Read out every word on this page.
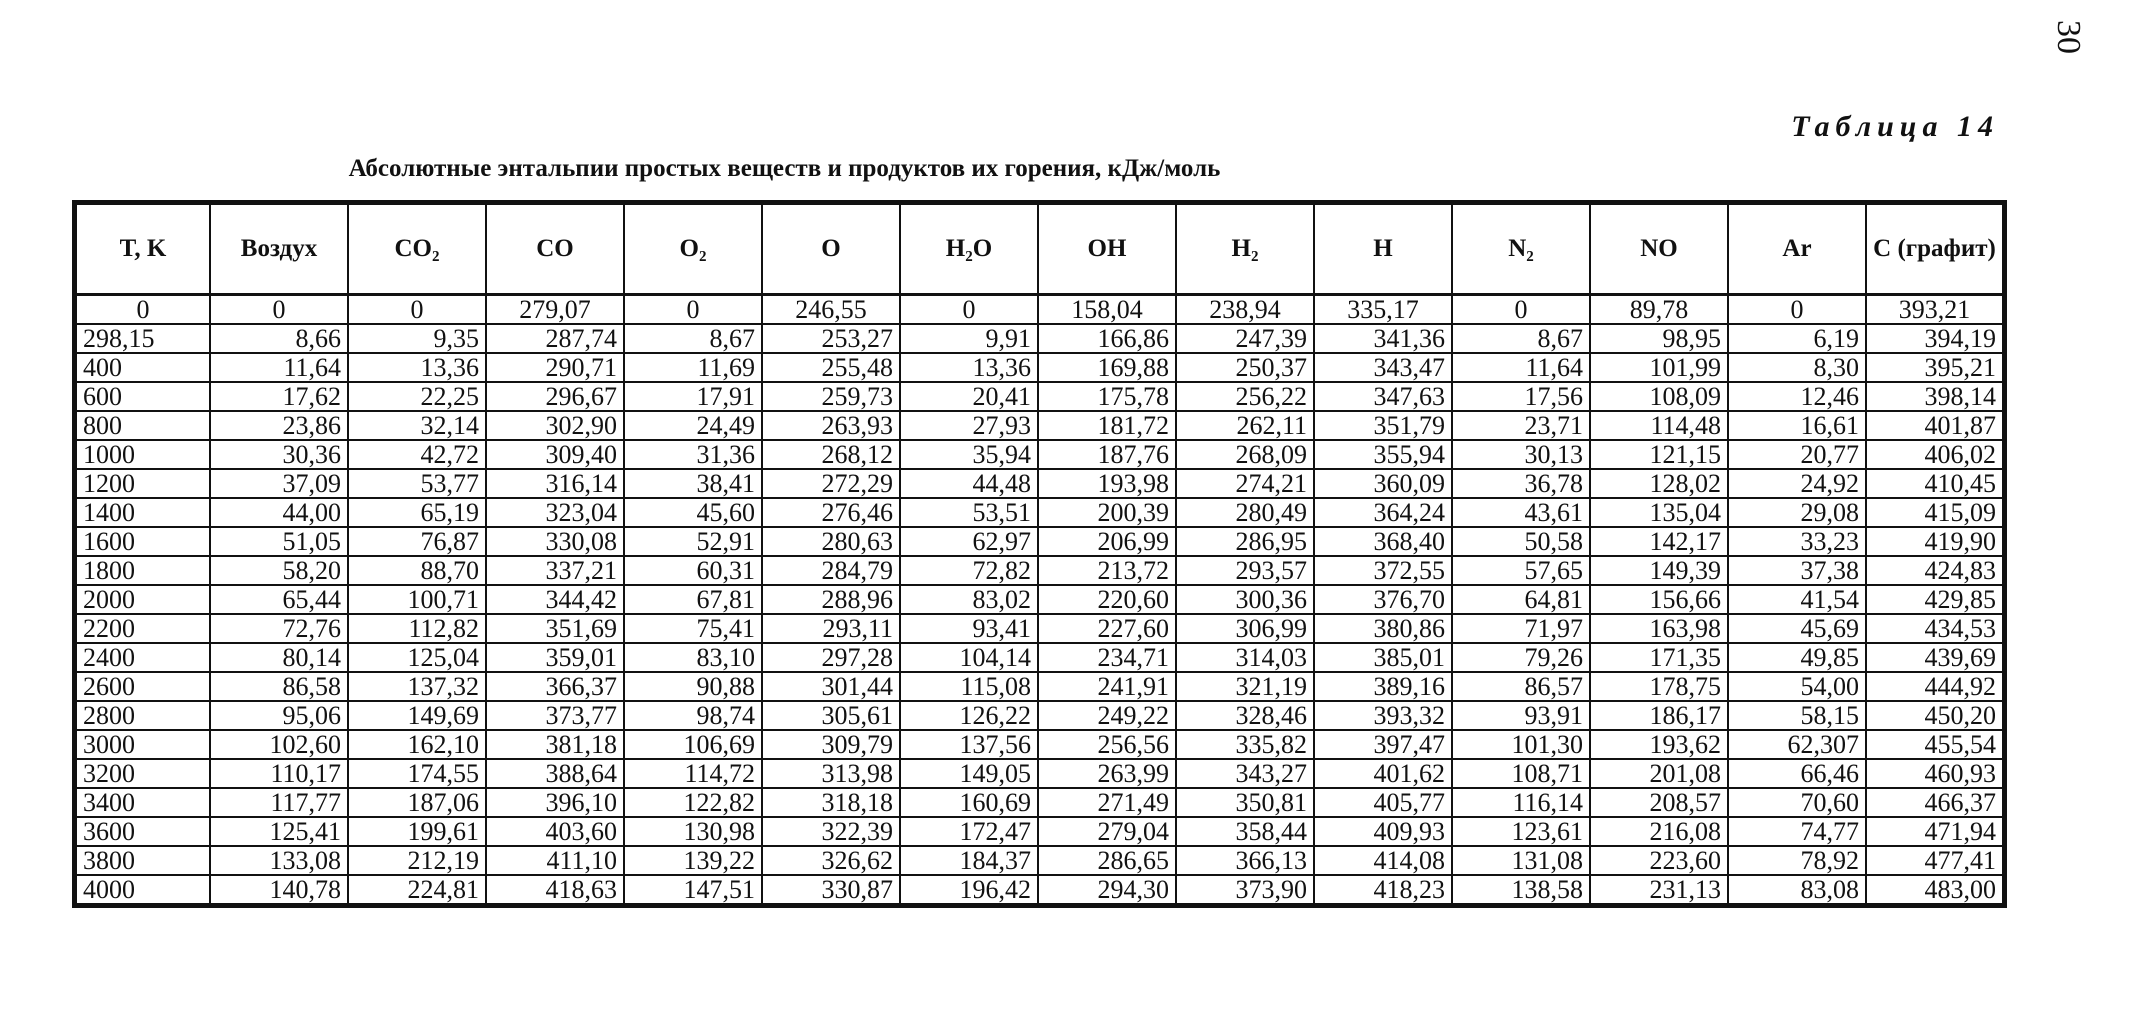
30
Таблица 14
Абсолютные энтальпии простых веществ и продуктов их горения, кДж/моль
T, K	Воздух	CO₂	CO	O₂	O	H₂O	OH	H₂	H	N₂	NO	Ar	C (графит)
0	0	0	279,07	0	246,55	0	158,04	238,94	335,17	0	89,78	0	393,21
298,15	8,66	9,35	287,74	8,67	253,27	9,91	166,86	247,39	341,36	8,67	98,95	6,19	394,19
400	11,64	13,36	290,71	11,69	255,48	13,36	169,88	250,37	343,47	11,64	101,99	8,30	395,21
600	17,62	22,25	296,67	17,91	259,73	20,41	175,78	256,22	347,63	17,56	108,09	12,46	398,14
800	23,86	32,14	302,90	24,49	263,93	27,93	181,72	262,11	351,79	23,71	114,48	16,61	401,87
1000	30,36	42,72	309,40	31,36	268,12	35,94	187,76	268,09	355,94	30,13	121,15	20,77	406,02
1200	37,09	53,77	316,14	38,41	272,29	44,48	193,98	274,21	360,09	36,78	128,02	24,92	410,45
1400	44,00	65,19	323,04	45,60	276,46	53,51	200,39	280,49	364,24	43,61	135,04	29,08	415,09
1600	51,05	76,87	330,08	52,91	280,63	62,97	206,99	286,95	368,40	50,58	142,17	33,23	419,90
1800	58,20	88,70	337,21	60,31	284,79	72,82	213,72	293,57	372,55	57,65	149,39	37,38	424,83
2000	65,44	100,71	344,42	67,81	288,96	83,02	220,60	300,36	376,70	64,81	156,66	41,54	429,85
2200	72,76	112,82	351,69	75,41	293,11	93,41	227,60	306,99	380,86	71,97	163,98	45,69	434,53
2400	80,14	125,04	359,01	83,10	297,28	104,14	234,71	314,03	385,01	79,26	171,35	49,85	439,69
2600	86,58	137,32	366,37	90,88	301,44	115,08	241,91	321,19	389,16	86,57	178,75	54,00	444,92
2800	95,06	149,69	373,77	98,74	305,61	126,22	249,22	328,46	393,32	93,91	186,17	58,15	450,20
3000	102,60	162,10	381,18	106,69	309,79	137,56	256,56	335,82	397,47	101,30	193,62	62,307	455,54
3200	110,17	174,55	388,64	114,72	313,98	149,05	263,99	343,27	401,62	108,71	201,08	66,46	460,93
3400	117,77	187,06	396,10	122,82	318,18	160,69	271,49	350,81	405,77	116,14	208,57	70,60	466,37
3600	125,41	199,61	403,60	130,98	322,39	172,47	279,04	358,44	409,93	123,61	216,08	74,77	471,94
3800	133,08	212,19	411,10	139,22	326,62	184,37	286,65	366,13	414,08	131,08	223,60	78,92	477,41
4000	140,78	224,81	418,63	147,51	330,87	196,42	294,30	373,90	418,23	138,58	231,13	83,08	483,00
